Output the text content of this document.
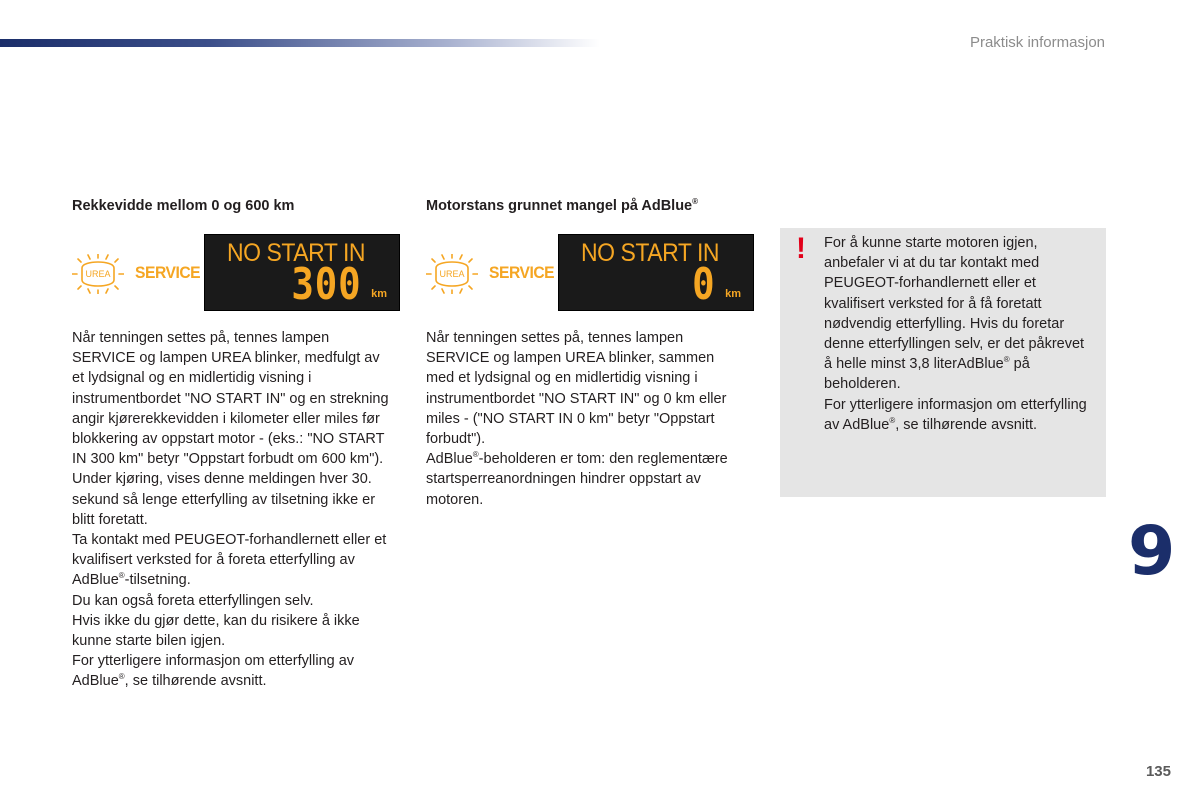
Praktisk informasjon

Rekkevidde mellom 0 og 600 km

UREA SERVICE
NO START IN
300 km

Når tenningen settes på, tennes lampen SERVICE og lampen UREA blinker, medfulgt av et lydsignal og en midlertidig visning i instrumentbordet "NO START IN" og en strekning angir kjørerekkevidden i kilometer eller miles før blokkering av oppstart motor - (eks.: "NO START IN 300 km" betyr "Oppstart forbudt om 600 km").

Under kjøring, vises denne meldingen hver 30. sekund så lenge etterfylling av tilsetning ikke er blitt foretatt.

Ta kontakt med PEUGEOT-forhandlernett eller et kvalifisert verksted for å foreta etterfylling av AdBlue®-tilsetning.

Du kan også foreta etterfyllingen selv.

Hvis ikke du gjør dette, kan du risikere å ikke kunne starte bilen igjen.

For ytterligere informasjon om etterfylling av AdBlue®, se tilhørende avsnitt.

Motorstans grunnet mangel på AdBlue®

UREA SERVICE
NO START IN
0 km

Når tenningen settes på, tennes lampen SERVICE og lampen UREA blinker, sammen med et lydsignal og en midlertidig visning i instrumentbordet "NO START IN" og 0 km eller miles - ("NO START IN 0 km" betyr "Oppstart forbudt").

AdBlue®-beholderen er tom: den reglementære startsperreanordningen hindrer oppstart av motoren.

! For å kunne starte motoren igjen, anbefaler vi at du tar kontakt med PEUGEOT-forhandlernett eller et kvalifisert verksted for å få foretatt nødvendig etterfylling. Hvis du foretar denne etterfyllingen selv, er det påkrevet å helle minst 3,8 literAdBlue® på beholderen.

For ytterligere informasjon om etterfylling av AdBlue®, se tilhørende avsnitt.

9
135
